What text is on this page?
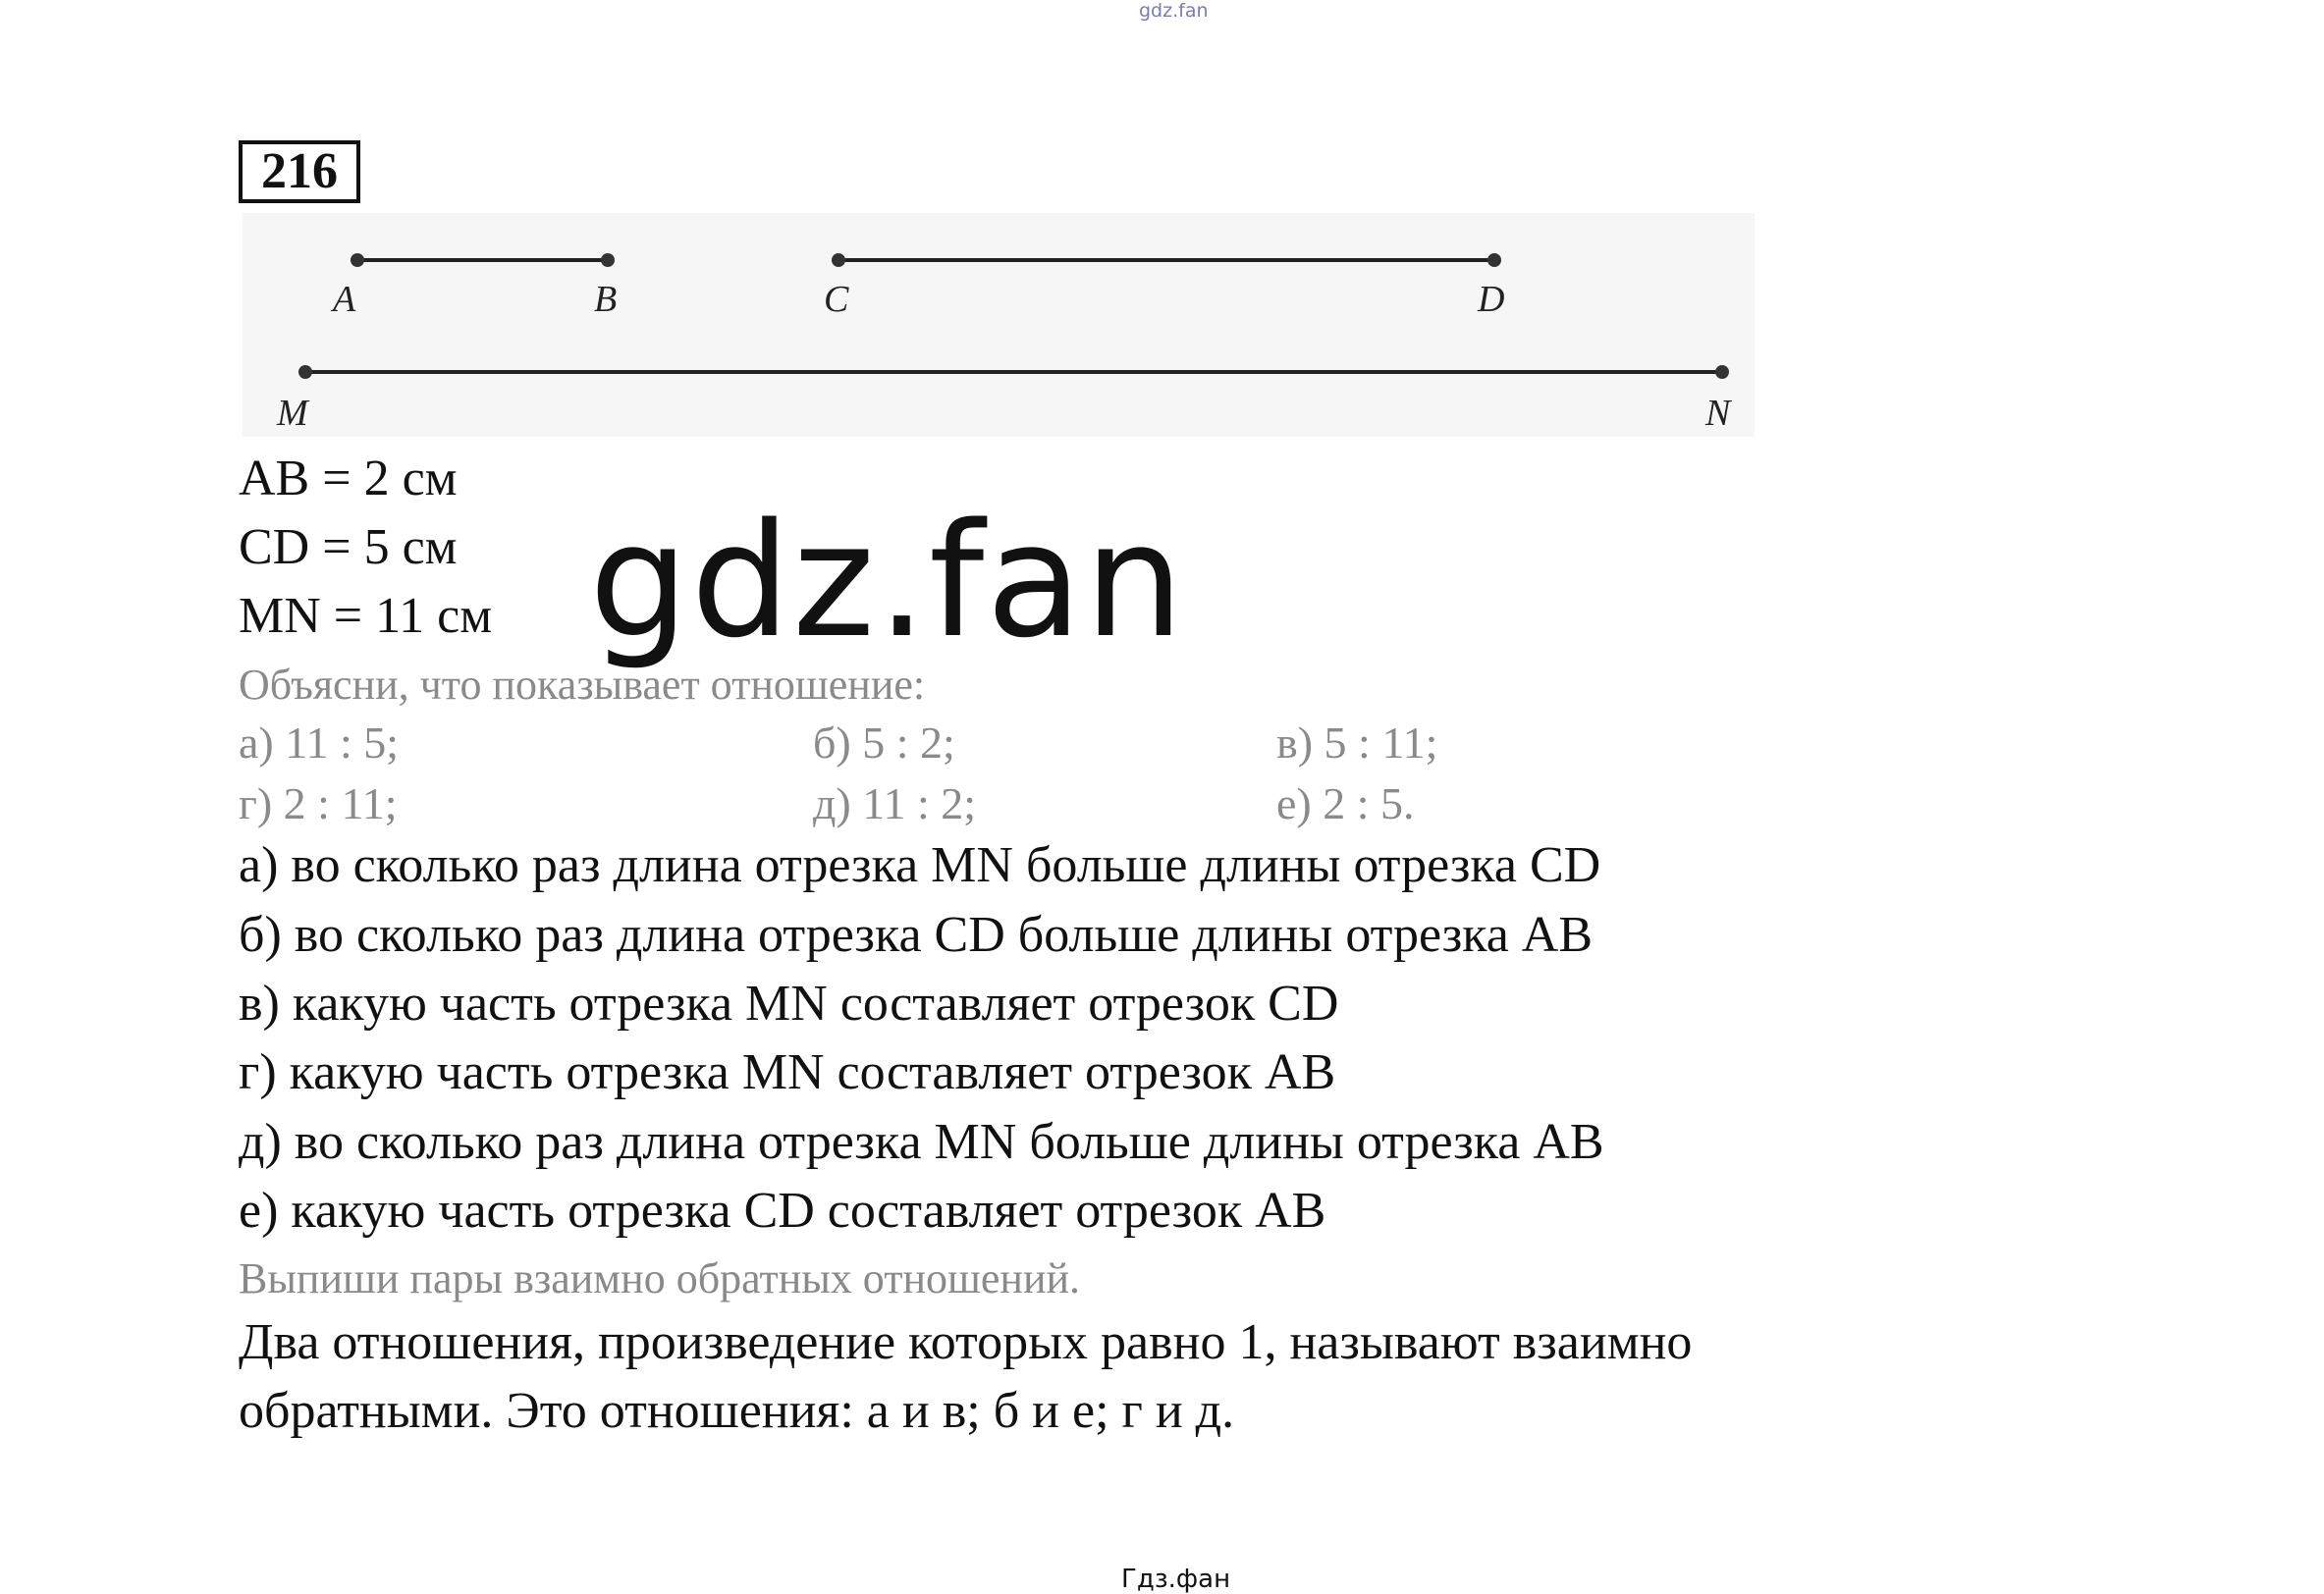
gdz.fan
216
A	B	C	D
M	N
AB = 2 см
CD = 5 см
MN = 11 см
Объясни, что показывает отношение:
а) 11 : 5;	б) 5 : 2;	в) 5 : 11;
г) 2 : 11;	д) 11 : 2;	е) 2 : 5.
а) во сколько раз длина отрезка MN больше длины отрезка CD
б) во сколько раз длина отрезка CD больше длины отрезка AB
в) какую часть отрезка MN составляет отрезок CD
г) какую часть отрезка MN составляет отрезок AB
д) во сколько раз длина отрезка MN больше длины отрезка AB
е) какую часть отрезка CD составляет отрезок AB
Выпиши пары взаимно обратных отношений.
Два отношения, произведение которых равно 1, называют взаимно
обратными. Это отношения: а и в; б и е; г и д.
gdz.fan
Гдз.фан
